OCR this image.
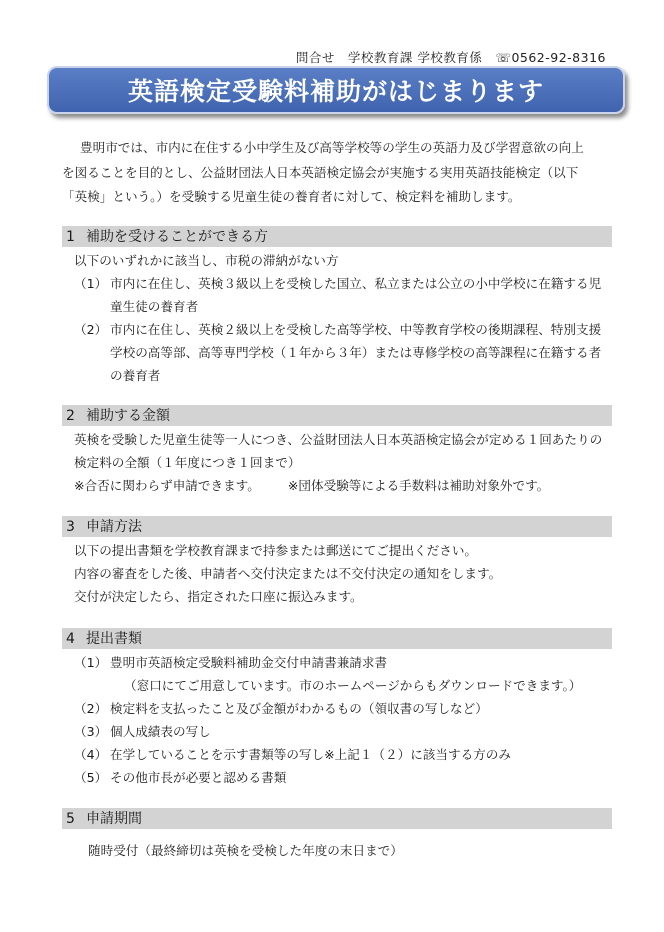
問合せ　学校教育課 学校教育係　☏0562-92-8316
英語検定受験料補助がはじまります

豊明市では、市内に在住する小中学生及び高等学校等の学生の英語力及び学習意欲の向上
を図ることを目的とし、公益財団法人日本英語検定協会が実施する実用英語技能検定（以下
「英検」という。）を受験する児童生徒の養育者に対して、検定料を補助します。

1 補助を受けることができる方
以下のいずれかに該当し、市税の滞納がない方
（1） 市内に在住し、英検３級以上を受検した国立、私立または公立の小中学校に在籍する児童生徒の養育者
（2） 市内に在住し、英検２級以上を受検した高等学校、中等教育学校の後期課程、特別支援学校の高等部、高等専門学校（１年から３年）または専修学校の高等課程に在籍する者の養育者
2 補助する金額
英検を受験した児童生徒等一人につき、公益財団法人日本英語検定協会が定める１回あたりの検定料の全額（１年度につき１回まで）
※合否に関わらず申請できます。 ※団体受験等による手数料は補助対象外です。
3 申請方法
以下の提出書類を学校教育課まで持参または郵送にてご提出ください。
内容の審査をした後、申請者へ交付決定または不交付決定の通知をします。
交付が決定したら、指定された口座に振込みます。
4 提出書類
（1） 豊明市英語検定受験料補助金交付申請書兼請求書
（窓口にてご用意しています。市のホームページからもダウンロードできます。）
（2） 検定料を支払ったこと及び金額がわかるもの（領収書の写しなど）
（3） 個人成績表の写し
（4） 在学していることを示す書類等の写し※上記１（２）に該当する方のみ
（5） その他市長が必要と認める書類
5 申請期間
随時受付（最終締切は英検を受検した年度の末日まで）
